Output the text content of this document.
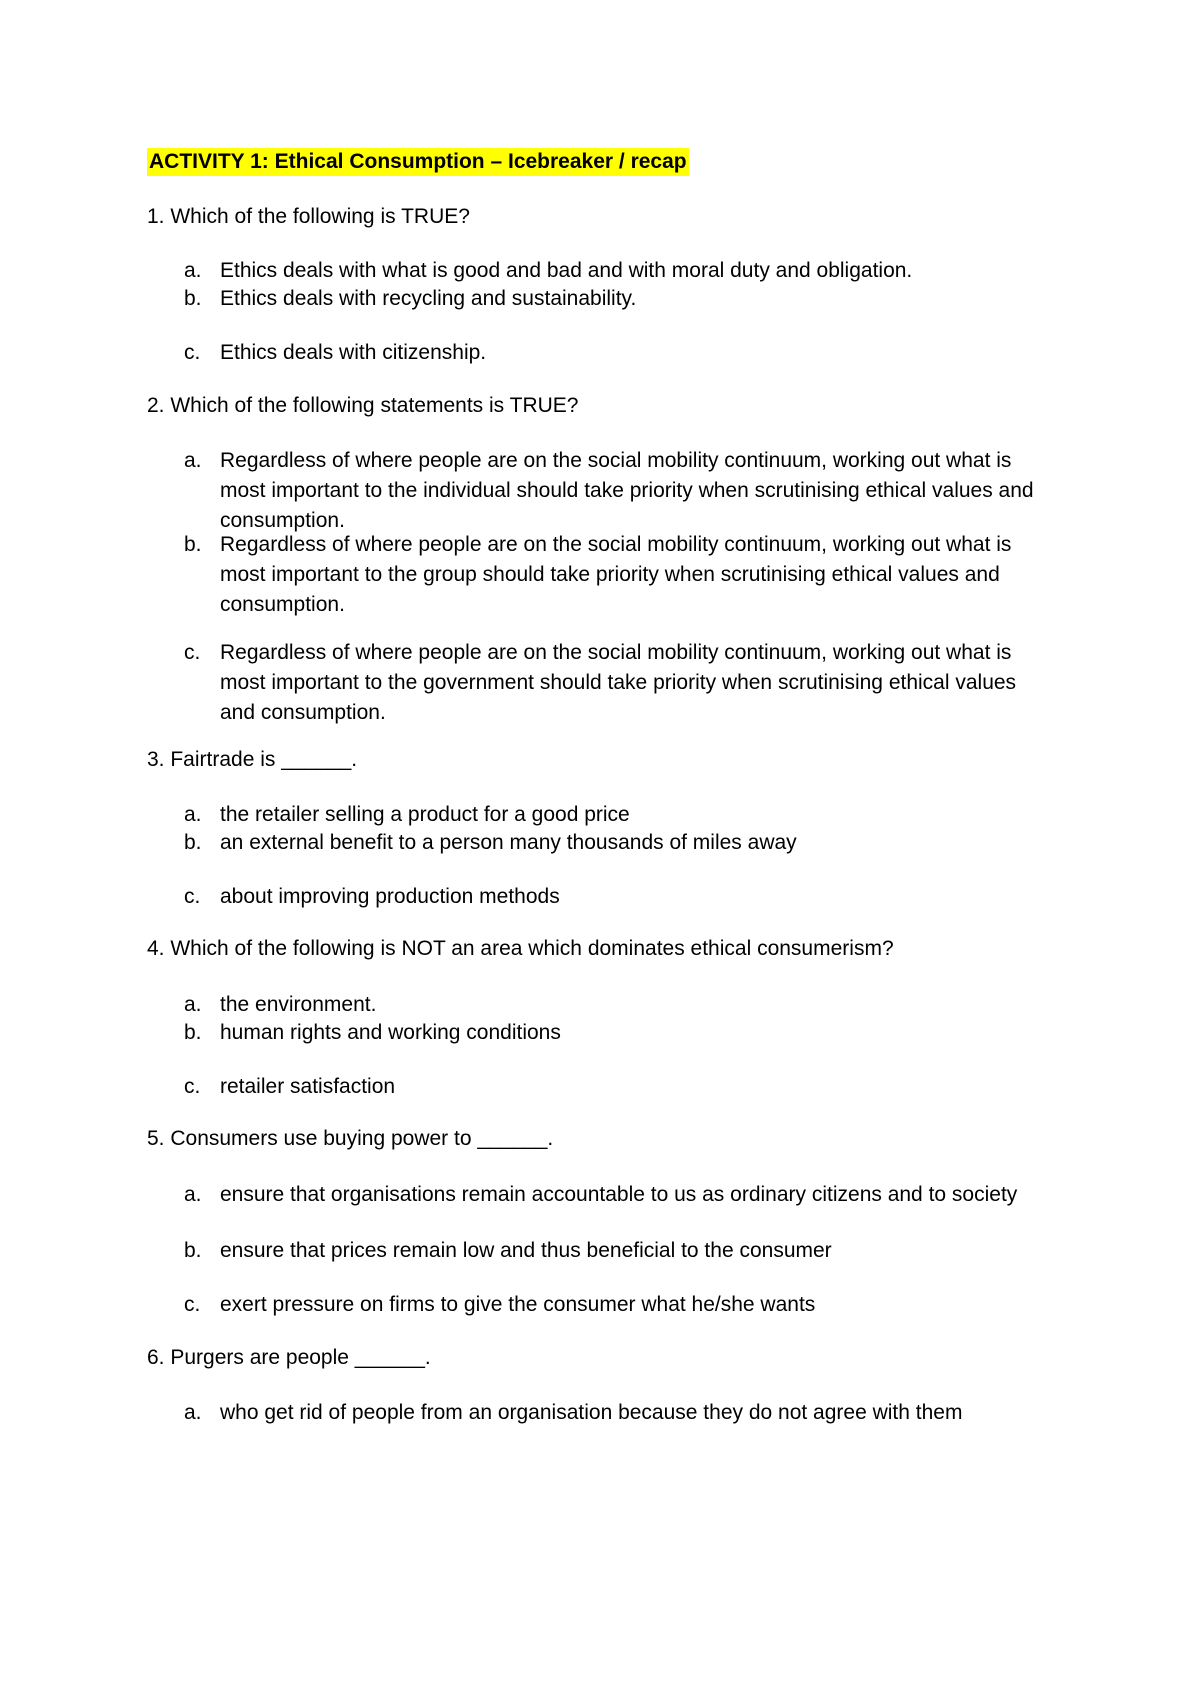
ACTIVITY 1: Ethical Consumption – Icebreaker / recap
1. Which of the following is TRUE?
a. Ethics deals with what is good and bad and with moral duty and obligation.
b. Ethics deals with recycling and sustainability.
c. Ethics deals with citizenship.
2. Which of the following statements is TRUE?
a. Regardless of where people are on the social mobility continuum, working out what is most important to the individual should take priority when scrutinising ethical values and consumption.
b. Regardless of where people are on the social mobility continuum, working out what is most important to the group should take priority when scrutinising ethical values and consumption.
c. Regardless of where people are on the social mobility continuum, working out what is most important to the government should take priority when scrutinising ethical values and consumption.
3. Fairtrade is ______.
a. the retailer selling a product for a good price
b. an external benefit to a person many thousands of miles away
c. about improving production methods
4. Which of the following is NOT an area which dominates ethical consumerism?
a. the environment.
b. human rights and working conditions
c. retailer satisfaction
5. Consumers use buying power to ______.
a. ensure that organisations remain accountable to us as ordinary citizens and to society
b. ensure that prices remain low and thus beneficial to the consumer
c. exert pressure on firms to give the consumer what he/she wants
6. Purgers are people ______.
a. who get rid of people from an organisation because they do not agree with them
